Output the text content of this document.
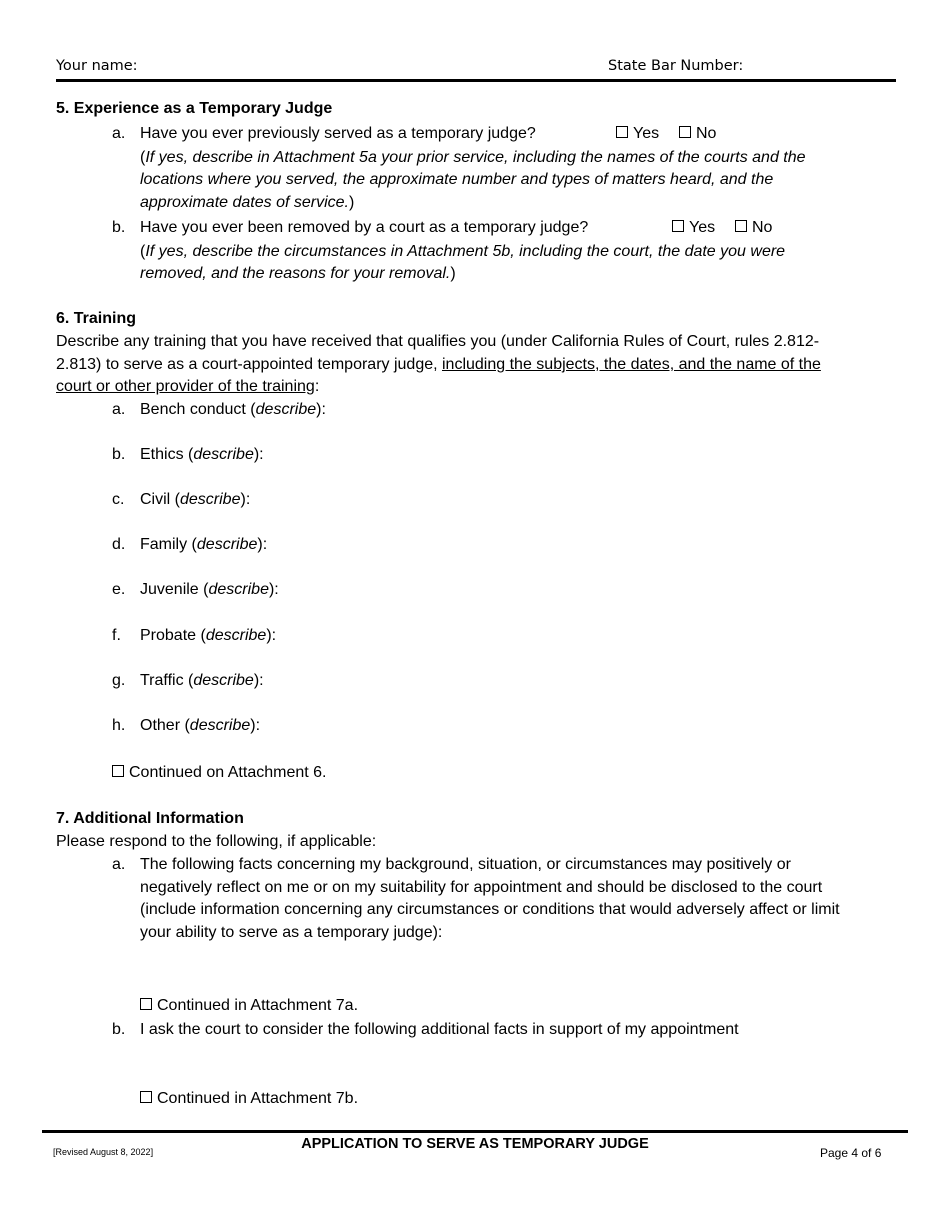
Your name:	State Bar Number:
5. Experience as a Temporary Judge
a. Have you ever previously served as a temporary judge?	Yes	No
(If yes, describe in Attachment 5a your prior service, including the names of the courts and the
locations where you served, the approximate number and types of matters heard, and the
approximate dates of service.)
b. Have you ever been removed by a court as a temporary judge?	Yes	No
(If yes, describe the circumstances in Attachment 5b, including the court, the date you were
removed, and the reasons for your removal.)
6. Training
Describe any training that you have received that qualifies you (under California Rules of Court, rules 2.812-
2.813) to serve as a court-appointed temporary judge, including the subjects, the dates, and the name of the
court or other provider of the training:
a. Bench conduct (describe):
b. Ethics (describe):
c. Civil (describe):
d. Family (describe):
e. Juvenile (describe):
f. Probate (describe):
g. Traffic (describe):
h. Other (describe):
Continued on Attachment 6.
7. Additional Information
Please respond to the following, if applicable:
a. The following facts concerning my background, situation, or circumstances may positively or
negatively reflect on me or on my suitability for appointment and should be disclosed to the court
(include information concerning any circumstances or conditions that would adversely affect or limit
your ability to serve as a temporary judge):
Continued in Attachment 7a.
b. I ask the court to consider the following additional facts in support of my appointment
Continued in Attachment 7b.
APPLICATION TO SERVE AS TEMPORARY JUDGE
[Revised August 8, 2022]	Page 4 of 6
